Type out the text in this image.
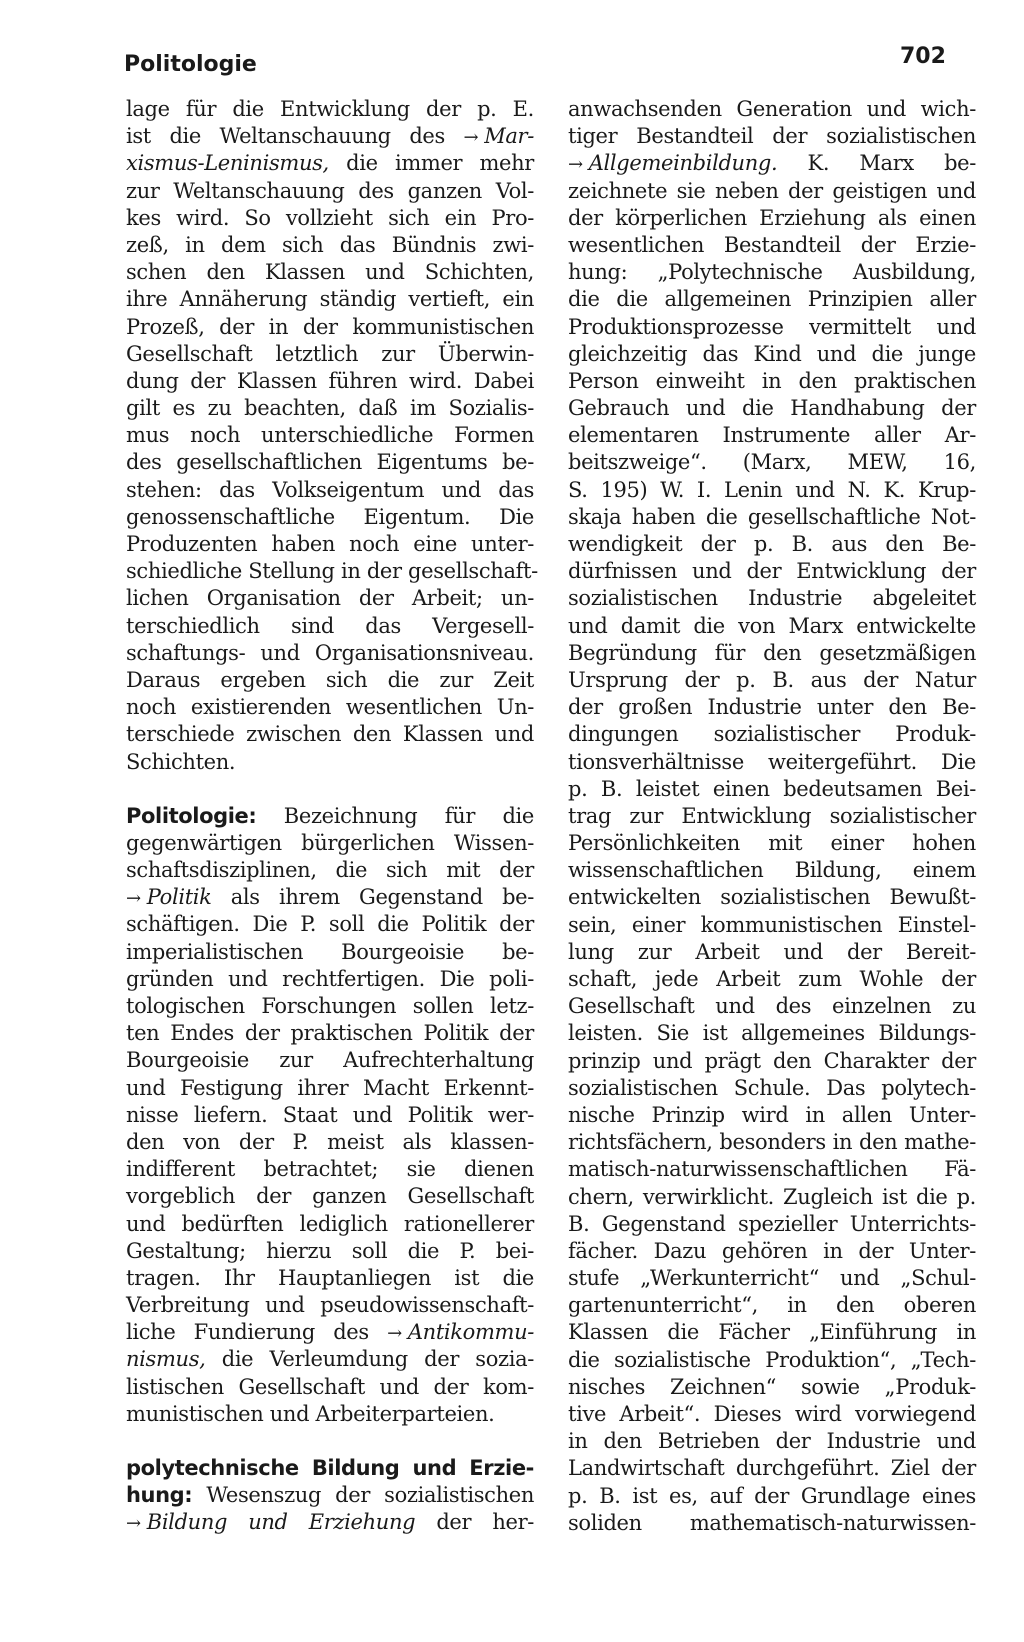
Politologie	702
lage für die Entwicklung der p. E.
ist die Weltanschauung des → Mar-
xismus-Leninismus, die immer mehr
zur Weltanschauung des ganzen Vol-
kes wird. So vollzieht sich ein Pro-
zeß, in dem sich das Bündnis zwi-
schen den Klassen und Schichten,
ihre Annäherung ständig vertieft, ein
Prozeß, der in der kommunistischen
Gesellschaft letztlich zur Überwin-
dung der Klassen führen wird. Dabei
gilt es zu beachten, daß im Sozialis-
mus noch unterschiedliche Formen
des gesellschaftlichen Eigentums be-
stehen: das Volkseigentum und das
genossenschaftliche Eigentum. Die
Produzenten haben noch eine unter-
schiedliche Stellung in der gesellschaft-
lichen Organisation der Arbeit; un-
terschiedlich sind das Vergesell-
schaftungs- und Organisationsniveau.
Daraus ergeben sich die zur Zeit
noch existierenden wesentlichen Un-
terschiede zwischen den Klassen und
Schichten.
Politologie: Bezeichnung für die
gegenwärtigen bürgerlichen Wissen-
schaftsdisziplinen, die sich mit der
→ Politik als ihrem Gegenstand be-
schäftigen. Die P. soll die Politik der
imperialistischen Bourgeoisie be-
gründen und rechtfertigen. Die poli-
tologischen Forschungen sollen letz-
ten Endes der praktischen Politik der
Bourgeoisie zur Aufrechterhaltung
und Festigung ihrer Macht Erkennt-
nisse liefern. Staat und Politik wer-
den von der P. meist als klassen-
indifferent betrachtet; sie dienen
vorgeblich der ganzen Gesellschaft
und bedürften lediglich rationellerer
Gestaltung; hierzu soll die P. bei-
tragen. Ihr Hauptanliegen ist die
Verbreitung und pseudowissenschaft-
liche Fundierung des → Antikommu-
nismus, die Verleumdung der sozia-
listischen Gesellschaft und der kom-
munistischen und Arbeiterparteien.
polytechnische Bildung und Erzie-
hung: Wesenszug der sozialistischen
→ Bildung und Erziehung der her-
anwachsenden Generation und wich-
tiger Bestandteil der sozialistischen
→ Allgemeinbildung. K. Marx be-
zeichnete sie neben der geistigen und
der körperlichen Erziehung als einen
wesentlichen Bestandteil der Erzie-
hung: „Polytechnische Ausbildung,
die die allgemeinen Prinzipien aller
Produktionsprozesse vermittelt und
gleichzeitig das Kind und die junge
Person einweiht in den praktischen
Gebrauch und die Handhabung der
elementaren Instrumente aller Ar-
beitszweige“. (Marx, MEW, 16,
S. 195) W. I. Lenin und N. K. Krup-
skaja haben die gesellschaftliche Not-
wendigkeit der p. B. aus den Be-
dürfnissen und der Entwicklung der
sozialistischen Industrie abgeleitet
und damit die von Marx entwickelte
Begründung für den gesetzmäßigen
Ursprung der p. B. aus der Natur
der großen Industrie unter den Be-
dingungen sozialistischer Produk-
tionsverhältnisse weitergeführt. Die
p. B. leistet einen bedeutsamen Bei-
trag zur Entwicklung sozialistischer
Persönlichkeiten mit einer hohen
wissenschaftlichen Bildung, einem
entwickelten sozialistischen Bewußt-
sein, einer kommunistischen Einstel-
lung zur Arbeit und der Bereit-
schaft, jede Arbeit zum Wohle der
Gesellschaft und des einzelnen zu
leisten. Sie ist allgemeines Bildungs-
prinzip und prägt den Charakter der
sozialistischen Schule. Das polytech-
nische Prinzip wird in allen Unter-
richtsfächern, besonders in den mathe-
matisch-naturwissenschaftlichen Fä-
chern, verwirklicht. Zugleich ist die p.
B. Gegenstand spezieller Unterrichts-
fächer. Dazu gehören in der Unter-
stufe „Werkunterricht“ und „Schul-
gartenunterricht“, in den oberen
Klassen die Fächer „Einführung in
die sozialistische Produktion“, „Tech-
nisches Zeichnen“ sowie „Produk-
tive Arbeit“. Dieses wird vorwiegend
in den Betrieben der Industrie und
Landwirtschaft durchgeführt. Ziel der
p. B. ist es, auf der Grundlage eines
soliden mathematisch-naturwissen-
